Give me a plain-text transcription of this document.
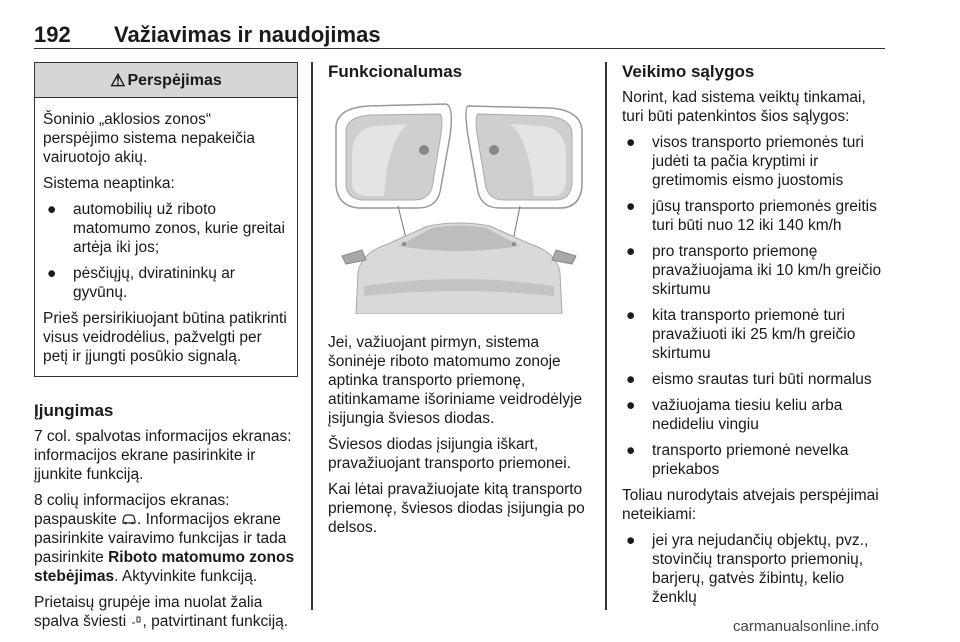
192 Važiavimas ir naudojimas
⚠ Perspėjimas

Šoninio „aklosios zonos“ perspėjimo sistema nepakeičia vairuotojo akių.

Sistema neaptinka:

● automobilių už riboto matomumo zonos, kurie greitai artėja iki jos;
● pėsčiųjų, dviratininkų ar gyvūnų.

Prieš persirikiuojant būtina patikrinti visus veidrodėlius, pažvelgti per petį ir įjungti posūkio signalą.

Įjungimas

7 col. spalvotas informacijos ekranas: informacijos ekrane pasirinkite ir įjunkite funkciją.

8 colių informacijos ekranas: paspauskite . Informacijos ekrane pasirinkite vairavimo funkcijas ir tada pasirinkite Riboto matomumo zonos stebėjimas. Aktyvinkite funkciją.

Prietaisų grupėje ima nuolat žalia spalva šviesti , patvirtinant funkciją.

Funkcionalumas

Jei, važiuojant pirmyn, sistema šoninėje riboto matomumo zonoje aptinka transporto priemonę, atitinkamame išoriniame veidrodėlyje įsijungia šviesos diodas.

Šviesos diodas įsijungia iškart, pravažiuojant transporto priemonei.

Kai lėtai pravažiuojate kitą transporto priemonę, šviesos diodas įsijungia po delsos.

Veikimo sąlygos

Norint, kad sistema veiktų tinkamai, turi būti patenkintos šios sąlygos:

● visos transporto priemonės turi judėti ta pačia kryptimi ir gretimomis eismo juostomis
● jūsų transporto priemonės greitis turi būti nuo 12 iki 140 km/h
● pro transporto priemonę pravažiuojama iki 10 km/h greičio skirtumu
● kita transporto priemonė turi pravažiuoti iki 25 km/h greičio skirtumu
● eismo srautas turi būti normalus
● važiuojama tiesiu keliu arba nedideliu vingiu
● transporto priemonė nevelka priekabos

Toliau nurodytais atvejais perspėjimai neteikiami:

● jei yra nejudančių objektų, pvz., stovinčių transporto priemonių, barjerų, gatvės žibintų, kelio ženklų
carmanualsonline.info
